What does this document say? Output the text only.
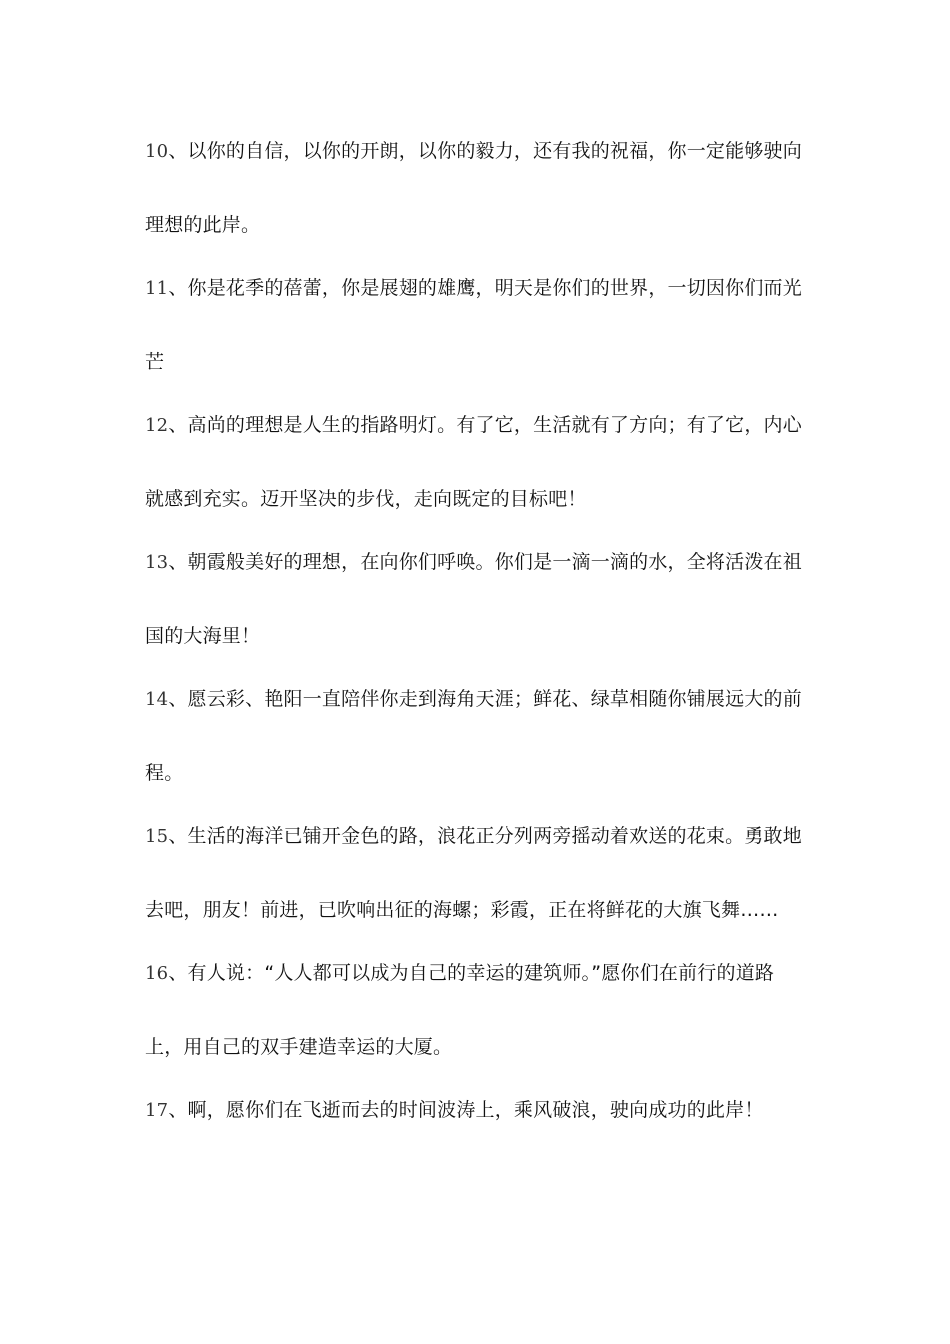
10、以你的自信，以你的开朗，以你的毅力，还有我的祝福，你一定能够驶向
理想的此岸。
11、你是花季的蓓蕾，你是展翅的雄鹰，明天是你们的世界，一切因你们而光
芒
12、高尚的理想是人生的指路明灯。有了它，生活就有了方向；有了它，内心
就感到充实。迈开坚决的步伐，走向既定的目标吧！
13、朝霞般美好的理想，在向你们呼唤。你们是一滴一滴的水，全将活泼在祖
国的大海里！
14、愿云彩、艳阳一直陪伴你走到海角天涯；鲜花、绿草相随你铺展远大的前
程。
15、生活的海洋已铺开金色的路，浪花正分列两旁摇动着欢送的花束。勇敢地
去吧，朋友！前进，已吹响出征的海螺；彩霞，正在将鲜花的大旗飞舞……
16、有人说：“人人都可以成为自己的幸运的建筑师。”愿你们在前行的道路
上，用自己的双手建造幸运的大厦。
17、啊，愿你们在飞逝而去的时间波涛上，乘风破浪，驶向成功的此岸！
